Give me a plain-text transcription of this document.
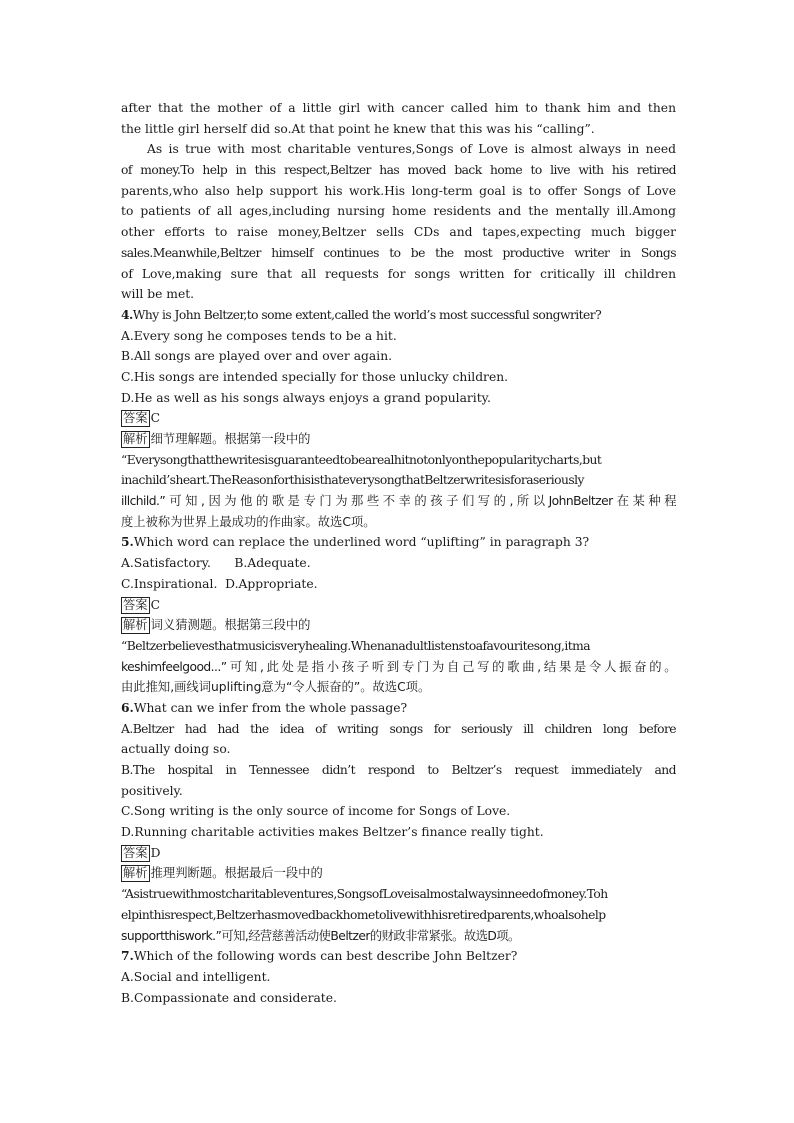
after that the mother of a little girl with cancer called him to thank him and then
the little girl herself did so.At that point he knew that this was his “calling”.
As is true with most charitable ventures,Songs of Love is almost always in need
of money.To help in this respect,Beltzer has moved back home to live with his retired
parents,who also help support his work.His long-term goal is to offer Songs of Love
to patients of all ages,including nursing home residents and the mentally ill.Among
other efforts to raise money,Beltzer sells CDs and tapes,expecting much bigger
sales.Meanwhile,Beltzer himself continues to be the most productive writer in Songs
of Love,making sure that all requests for songs written for critically ill children
will be met.
4.Why is John Beltzer,to some extent,called the world’s most successful songwriter?
A.Every song he composes tends to be a hit.
B.All songs are played over and over again.
C.His songs are intended specially for those unlucky children.
D.He as well as his songs always enjoys a grand popularity.
答案 C
解析 细节理解题。根据第一段中的
“Everysongthatthewritesisguaranteedtobearealhitnotonlyonthepopularitycharts,but
inachild’sheart.TheReasonforthisisthateverysongthatBeltzerwritesisforaseriously
illchild.”可知,因为他的歌是专门为那些不幸的孩子们写的,所以JohnBeltzer在某种程
度上被称为世界上最成功的作曲家。故选C项。
5.Which word can replace the underlined word “uplifting” in paragraph 3?
A.Satisfactory.      B.Adequate.
C.Inspirational.  D.Appropriate.
答案 C
解析 词义猜测题。根据第三段中的
“Beltzerbelievesthatmusicisveryhealing.Whenanadultlistenstoafavouritesong,itma
keshimfeelgood...”可知,此处是指小孩子听到专门为自己写的歌曲,结果是令人振奋的。
由此推知,画线词uplifting意为“令人振奋的”。故选C项。
6.What can we infer from the whole passage?
A.Beltzer had had the idea of writing songs for seriously ill children long before
actually doing so.
B.The hospital in Tennessee didn’t respond to Beltzer’s request immediately and
positively.
C.Song writing is the only source of income for Songs of Love.
D.Running charitable activities makes Beltzer’s finance really tight.
答案 D
解析 推理判断题。根据最后一段中的
“Asistruewithmostcharitableventures,SongsofLoveisalmostalwaysinneedofmoney.Toh
elpinthisrespect,Beltzerhasmovedbackhometolivewithhisretiredparents,whoalsohelp
supportthiswork.”可知,经营慈善活动使Beltzer的财政非常紧张。故选D项。
7.Which of the following words can best describe John Beltzer?
A.Social and intelligent.
B.Compassionate and considerate.
